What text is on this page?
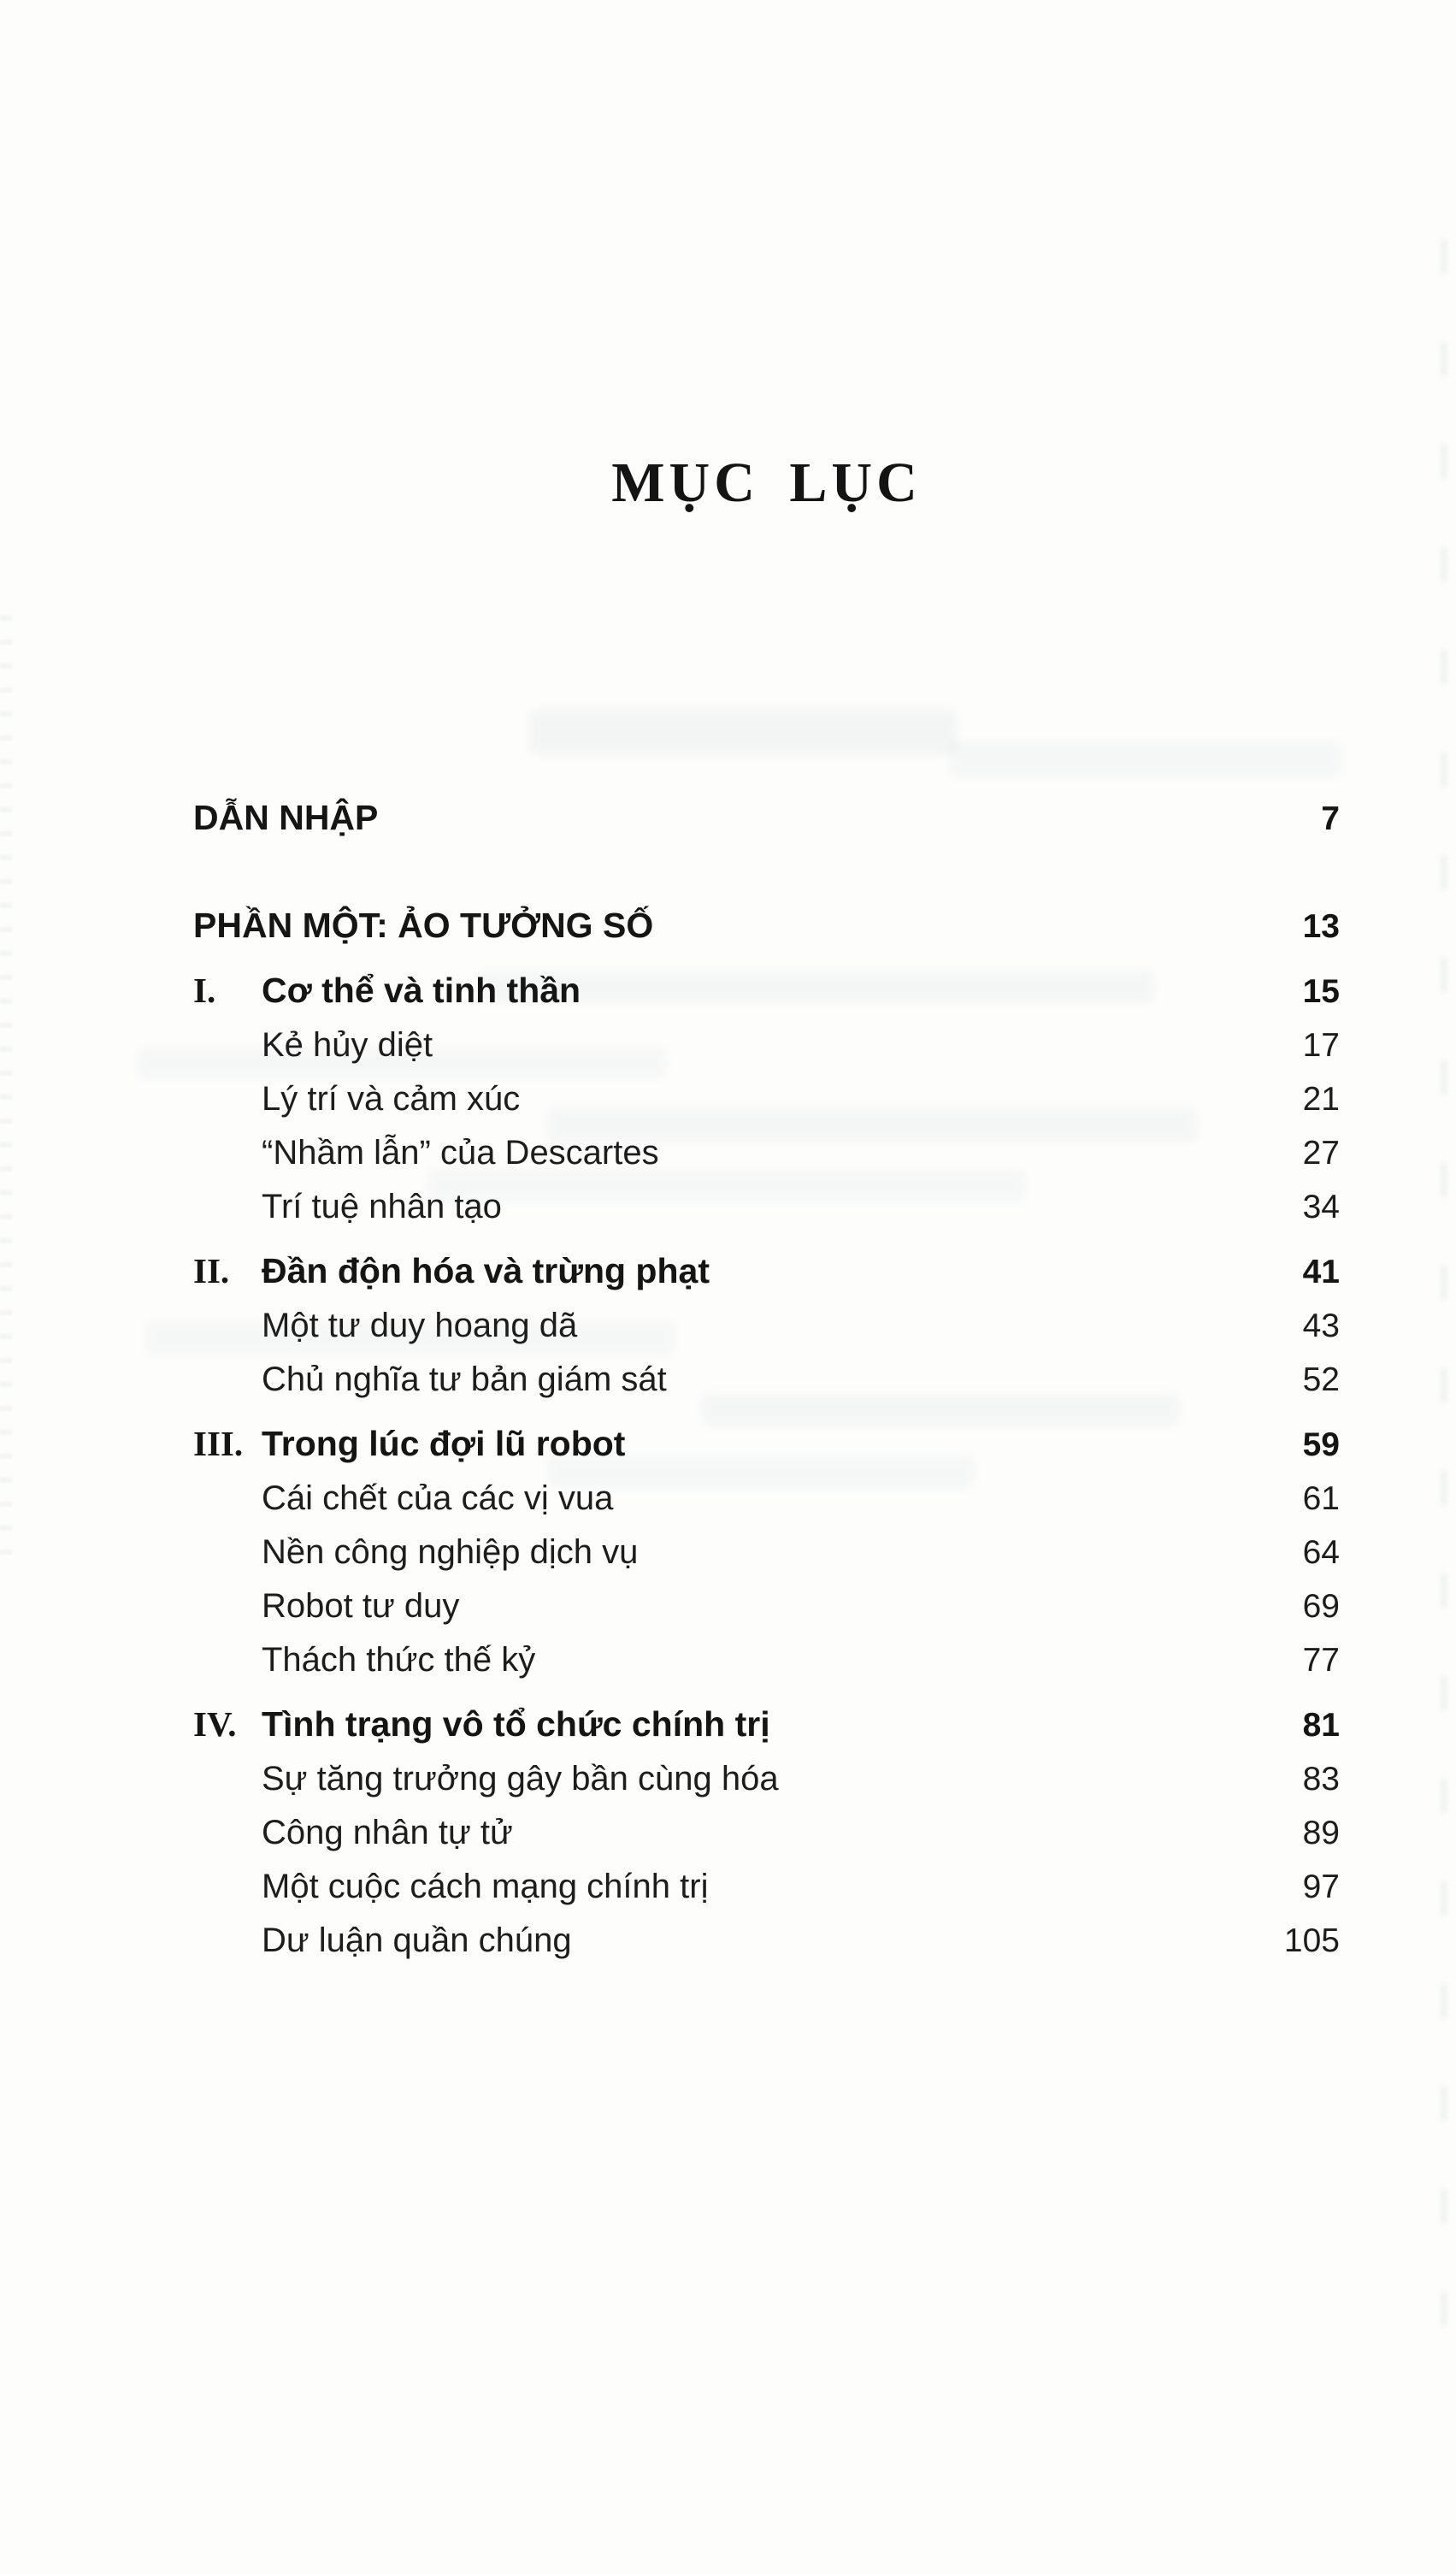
MỤC LỤC
DẪN NHẬP	7
PHẦN MỘT: ẢO TƯỞNG SỐ	13
I.	Cơ thể và tinh thần	15
Kẻ hủy diệt	17
Lý trí và cảm xúc	21
“Nhầm lẫn” của Descartes	27
Trí tuệ nhân tạo	34
II. Đần độn hóa và trừng phạt	41
Một tư duy hoang dã	43
Chủ nghĩa tư bản giám sát	52
III. Trong lúc đợi lũ robot	59
Cái chết của các vị vua	61
Nền công nghiệp dịch vụ	64
Robot tư duy	69
Thách thức thế kỷ	77
IV. Tình trạng vô tổ chức chính trị	81
Sự tăng trưởng gây bần cùng hóa	83
Công nhân tự tử	89
Một cuộc cách mạng chính trị	97
Dư luận quần chúng	105
